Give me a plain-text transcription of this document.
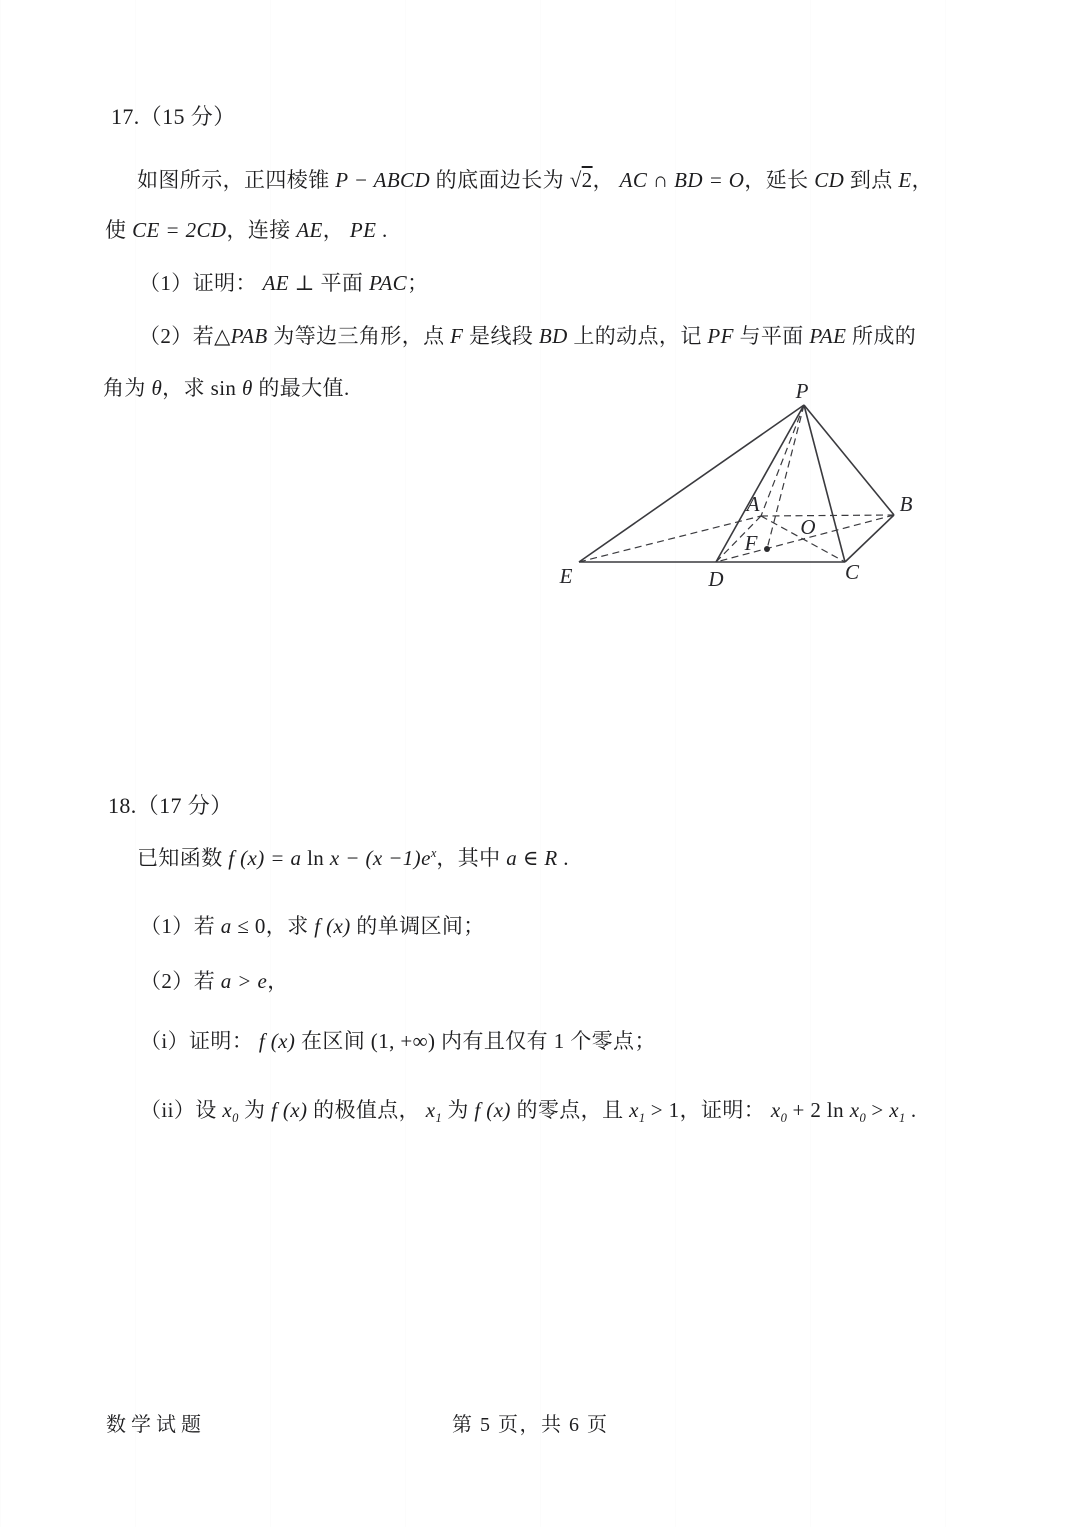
17.（15 分）

如图所示，正四棱锥 P − ABCD 的底面边长为 √2， AC ∩ BD = O，延长 CD 到点 E，

使 CE = 2CD，连接 AE， PE .

（1）证明： AE ⊥ 平面 PAC；

（2）若△PAB 为等边三角形，点 F 是线段 BD 上的动点，记 PF 与平面 PAE 所成的

角为 θ，求 sin θ 的最大值.	P
B
A
O
F
E	D	C

18.（17 分）

已知函数 f (x) = a $\ln x - (x -1)e^x$，其中 a ∈ R .

（1）若 a ≤ 0，求 f (x) 的单调区间；

（2）若 a > e，

（i）证明： f (x) 在区间 (1, +∞) 内有且仅有 1 个零点；

（ii）设 $x_0$ 为 f (x) 的极值点， $x_1$ 为 f (x) 的零点，且 $x_1 > 1$，证明： $x_0 + 2$ $\ln x_0 > x_1$ .

数学试题	第 5 页，共 6 页
